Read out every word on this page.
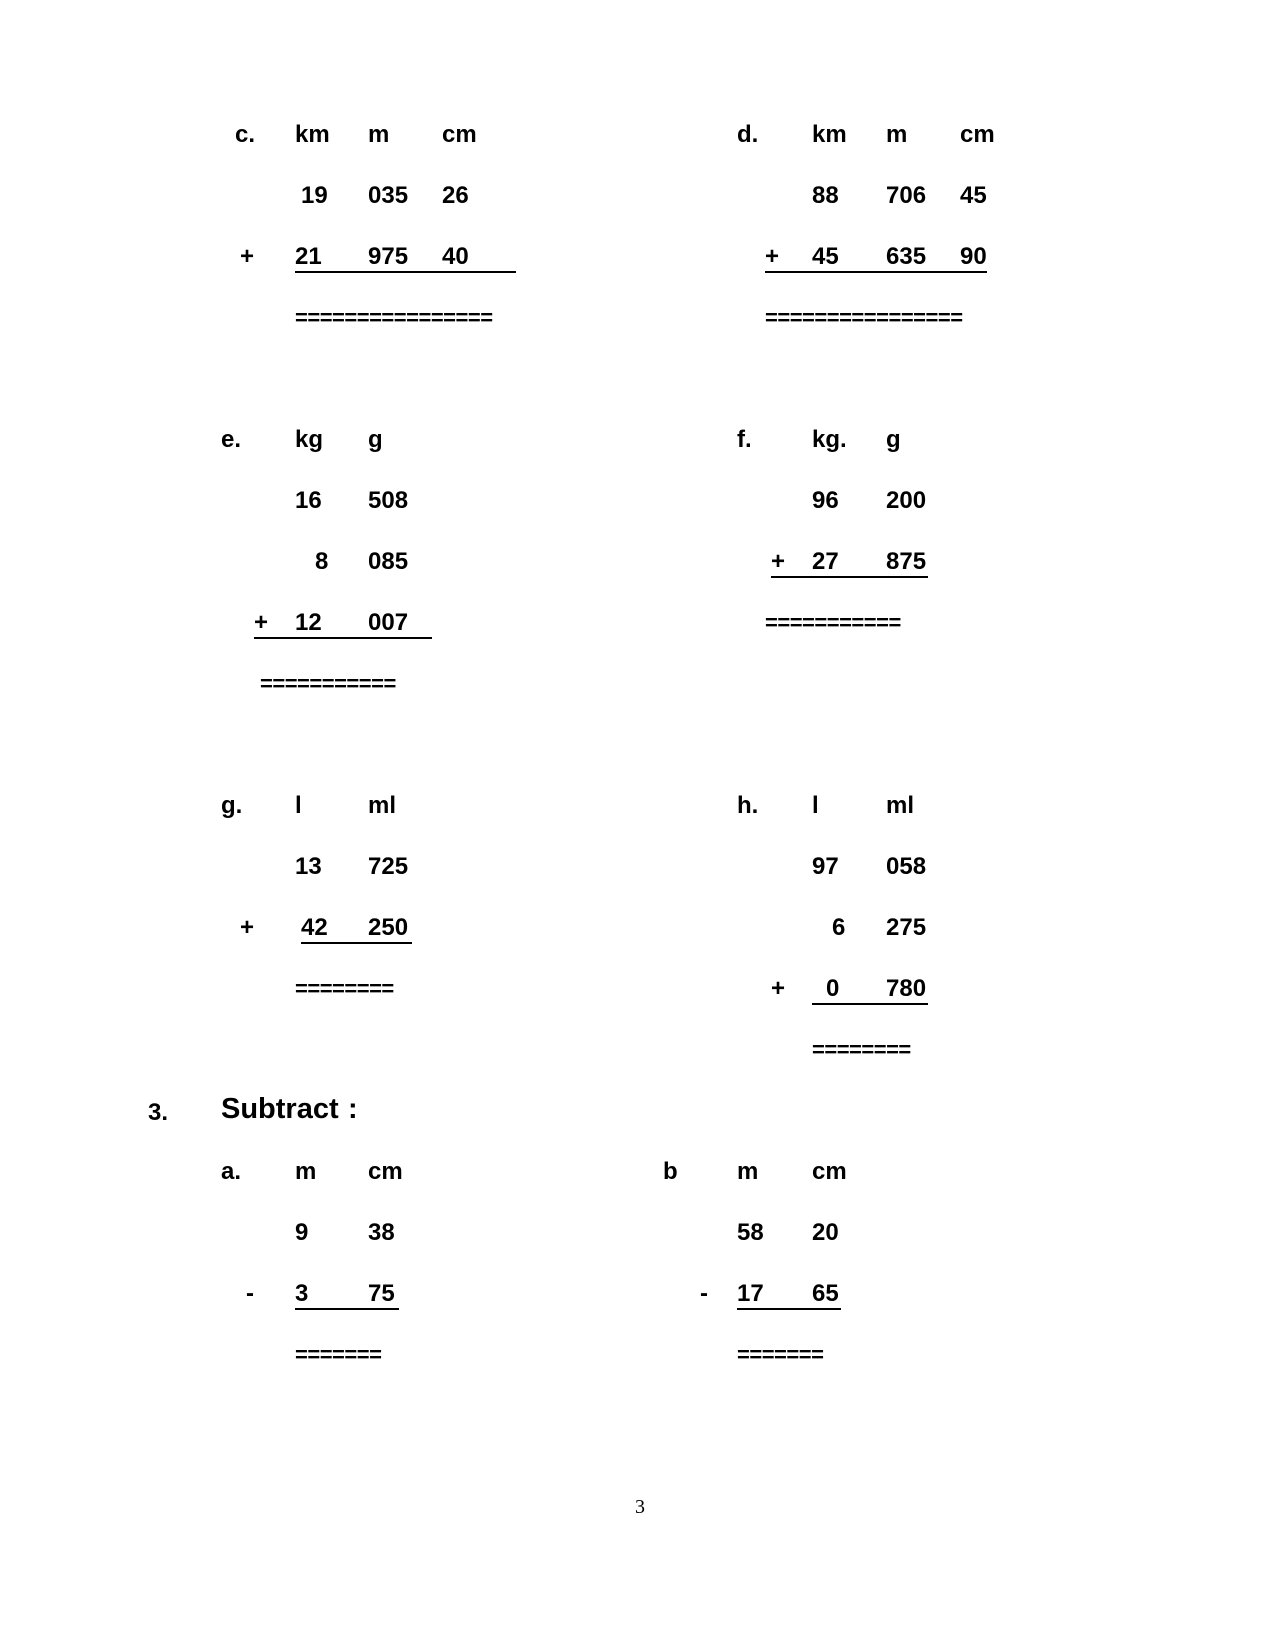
c. km m cm
19 035 26
+ 21 975 40
================
d. km m cm
88 706 45
+ 45 635 90
================
e. kg g
16 508
8 085
+ 12 007
===========
f.	kg. g
96 200
+ 27 875
===========
g. l	ml
13 725
+ 42 250
========
h. l	ml
97 058
6 275
+ 0 780
========
3. Subtract :
a. m cm
9 38
- 3 75
=======
b m cm
58 20
- 17 65
=======
3
